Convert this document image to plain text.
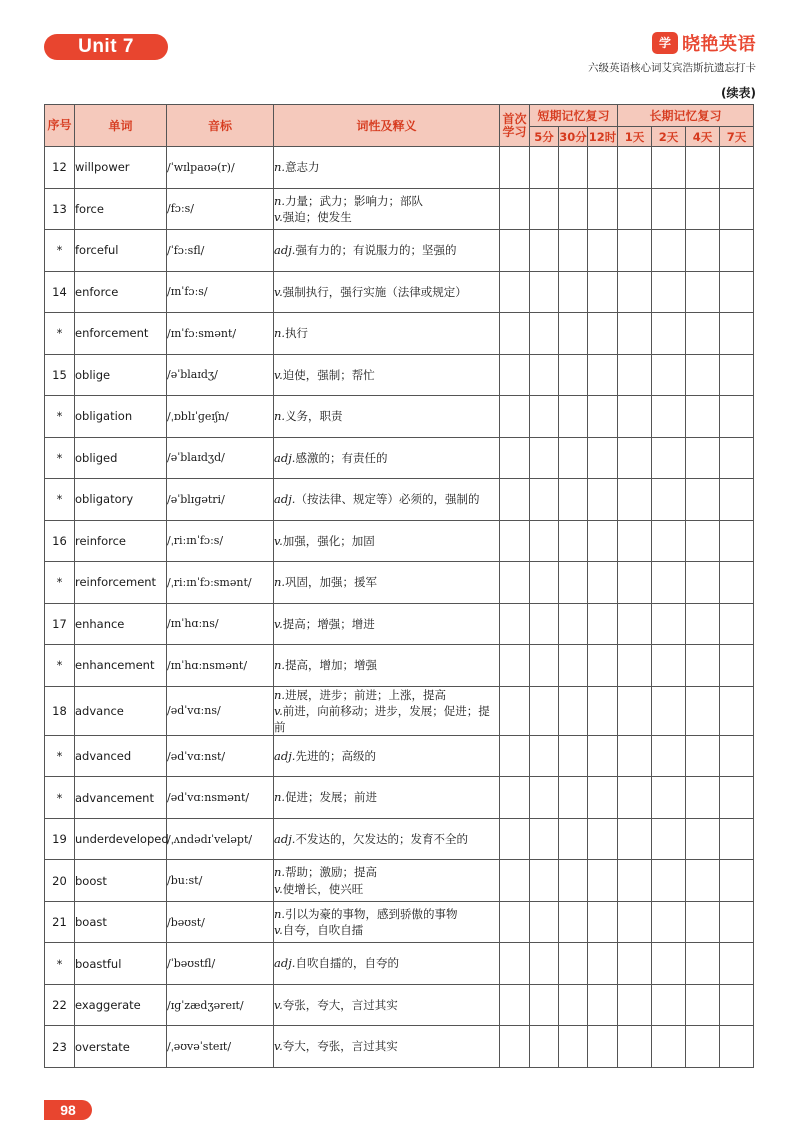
Unit 7	学 晓艳英语
六级英语核心词艾宾浩斯抗遗忘打卡
(续表)
序号	单词	音标	词性及释义	首次学习	短期记忆复习			长期记忆复习			
					5分	30分	12时	1天	2天	4天	7天
12	willpower	/ˈwɪlpaʊə(r)/	n.意志力								

13	force	/fɔːs/	n.力量；武力；影响力；部队
v.强迫；使发生								

*	forceful	/ˈfɔːsfl/	adj.强有力的；有说服力的；坚强的								

14	enforce	/ɪnˈfɔːs/	v.强制执行，强行实施（法律或规定）								

*	enforcement	/ɪnˈfɔːsmənt/	n.执行								

15	oblige	/əˈblaɪdʒ/	v.迫使，强制；帮忙								

*	obligation	/ˌɒblɪˈɡeɪʃn/	n.义务，职责								

*	obliged	/əˈblaɪdʒd/	adj.感激的；有责任的								

*	obligatory	/əˈblɪɡətri/	adj.（按法律、规定等）必须的，强制的								

16	reinforce	/ˌriːɪnˈfɔːs/	v.加强，强化；加固								

*	reinforcement	/ˌriːɪnˈfɔːsmənt/	n.巩固，加强；援军								

17	enhance	/ɪnˈhɑːns/	v.提高；增强；增进								

*	enhancement	/ɪnˈhɑːnsmənt/	n.提高，增加；增强								

18	advance	/ədˈvɑːns/	n.进展，进步；前进；上涨，提高
v.前进，向前移动；进步，发展；促进；提前								

*	advanced	/ədˈvɑːnst/	adj.先进的；高级的								

*	advancement	/ədˈvɑːnsmənt/	n.促进；发展；前进								

19	underdeveloped	/ˌʌndədɪˈveləpt/	adj.不发达的，欠发达的；发育不全的								

20	boost	/buːst/	n.帮助；激励；提高
v.使增长，使兴旺								

21	boast	/bəʊst/	n.引以为豪的事物，感到骄傲的事物
v.自夸，自吹自擂								

*	boastful	/ˈbəʊstfl/	adj.自吹自擂的，自夸的								

22	exaggerate	/ɪɡˈzædʒəreɪt/	v.夸张，夸大，言过其实								

23	overstate	/ˌəʊvəˈsteɪt/	v.夸大，夸张，言过其实								

98
